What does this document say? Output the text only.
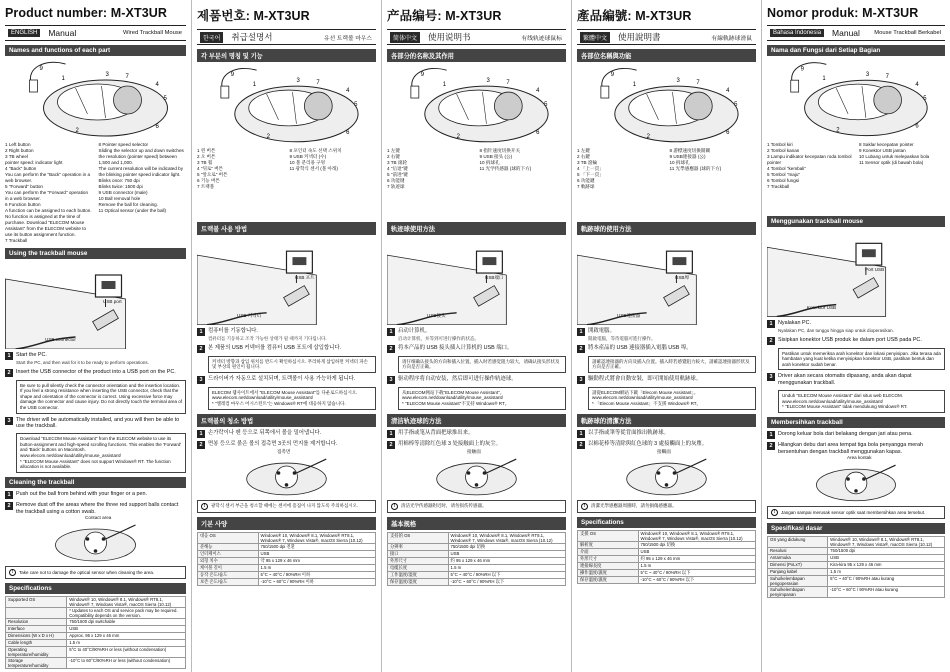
Product number: M-XT3UR
ENGLISH	Manual	Wired Trackball Mouse
Names and functions of each part
9
1
3	7
4
5
6
2
1 Left button
2 Right button
3 TB wheel
pointer speed: indicator light
4 "Back" button
You can perform the "Back" operation in a web browser.
5 "Forward" button
You can perform the "Forward" operation in a web browser.
6 Function button
A function can be assigned to each button. No function is assigned at the time of purchase. Download "ELECOM Mouse Assistant" from the ELECOM website to use its button assignment function.
7 Trackball
8 Pointer speed selector
Sliding the selector up and down switches the resolution (pointer speed) between 1,500 and 1,000.
The current resolution will be indicated by the blinking pointer speed indicator light.
Blinks once: 750 dpi
Blinks twice: 1500 dpi
9 USB connector (male)
10 Ball removal hole
Remove the ball for cleaning.
11 Optical sensor (under the ball)
Using the trackball mouse
USB port
USB connector
1	Start the PC.
Start the PC, and then wait for it to be ready to perform operations.
2	Insert the USB connector of the product into a USB port on the PC.
Be sure to pull silently check the connector orientation and the insertion location. If you feel a strong resistance when inserting the USB connector, check that the shape and orientation of the connector is correct. Using excessive force may damage the connector and cause injury. Do not directly touch the terminal area of the USB connector.
3	The driver will be automatically installed, and you will then be able to use the trackball.
Download "ELECOM Mouse Assistant" from the ELECOM website to use its button-assignment and high-speed scrolling functions. This enables the 'Forward' and 'Back' buttons on Macintosh. www.elecom.net/download/utility/mouse_assistant/
* "ELECOM Mouse Assistant" does not support Windows® RT. The function allocation is not available.
Cleaning the trackball
1	Push out the ball from behind with your finger or a pen.
2	Remove dust off the areas where the three red support balls contact the trackball using a cotton swab.
Contact area
!	Take care not to damage the optical sensor when cleaning the area.
Specifications
Supported OS	Windows® 10, Windows® 8.1, Windows® RT8.1, Windows® 7, Windows Vista®, macOS Sierra (10.12)
	* Updates to each OS and service pack may be required. Compatibility depends on the version.
Resolution	750/1500 dpi switchable
Interface	USB
Dimensions (W x D x H)	Approx. 95 x 129 x 46 mm
Cable length	1.5 m
Operating temperature/humidity	5°C to 40°C/90%RH or less (without condensation)
Storage temperature/humidity	-10°C to 60°C/90%RH or less (without condensation)
제품번호: M-XT3UR
한국어	취급설명서	유선 트랙볼 마우스
각 부분의 명칭 및 기능
9
1
3	7
4
5
6
2
1 왼 버튼
2 오 버튼
3 TB 휠
4 "뒤로" 버튼
5 "앞으로" 버튼
6 기능 버튼
7 트랙볼
8 포인터 속도 선택 스위치
9 USB 커넥터 (수)
10 볼 분리용 구멍
11 광학식 센서 (볼 아래)
트랙볼 사용 방법
USB 포트
USB 커넥터
1	컴퓨터를 기동합니다.
컴퓨터를 기동하고 조작 가능한 상태가 될 때까지 기다립니다.
2	본 제품의 USB 커넥터를 컴퓨터 USB 포트에 삽입합니다.
커넥터 방향과 삽입 위치를 반드시 확인하십시오. 무리하게 삽입하면 커넥터 파손 및 부상의 원인이 됩니다.
3	드라이버가 자동으로 설치되며, 트랙볼이 사용 가능하게 됩니다.
ELECOM 웹사이트에서 "ELECOM Mouse Assistant"를 다운로드하십시오. www.elecom.net/download/utility/mouse_assistant/
* "엘레컴 마우스 어시스턴트"는 Windows® RT에 대응하지 않습니다.
트랙볼의 청소 방법
1	손가락이나 펜 등으로 뒤쪽에서 볼을 밀어냅니다.
2	면봉 등으로 붉은 볼의 접촉면 3곳의 먼지를 제거합니다.
접촉면
!	광학식 센서 부근을 청소할 때에는 센서에 흠집이 나지 않도록 주의하십시오.
기본 사양
대응 OS	Windows® 10, Windows® 8.1, Windows® RT8.1, Windows® 7, Windows Vista®, macOS Sierra (10.12)
분해능	750/1500 dpi 전환
인터페이스	USB
외형 치수	약 95 x 129 x 46 mm
케이블 길이	1.5 m
동작 온도/습도	5°C ~ 40°C / 90%RH 이하
보존 온도/습도	-10°C ~ 60°C / 90%RH 이하
产品编号: M-XT3UR
简体中文	使用说明书	有线轨迹球鼠标
各部分的名称及其作用
9
1
3	7
4
5
6
2
1 左键
2 右键
3 TB 滚轮
4 "后退"键
5 "前进"键
6 功能键
7 轨迹球
8 指针速度切换开关
9 USB 接头 (公)
10 拆球孔
11 光学传感器 (球的下方)
轨迹球使用方法
USB端口
USB接头
1	启动计算机。
启动计算机，并等到可进行操作的状态。
2	将本产品的 USB 接头插入计算机的 USB 端口。
请仔细确认接头的方向和插入位置。插入时若感觉阻力较大，请确认接头形状及方向是否正确。
3	驱动程序将自动安装，然后即可进行操作轨迹球。
从ELECOM网站下载"ELECOM Mouse Assistant"。www.elecom.net/download/utility/mouse_assistant/
* "ELECOM Mouse Assistant"不支持 Windows® RT。
清洁轨迹球的方法
1	用手指或笔从背面把球推出来。
2	用棉棒等清除红色球 3 处接触面上的灰尘。
接触面
!	清洁光学传感器附近时，请勿损伤传感器。
基本规格
支持的 OS	Windows® 10, Windows® 8.1, Windows® RT8.1, Windows® 7, Windows Vista®, macOS Sierra (10.12)
分辨率	750/1500 dpi 切换
接口	USB
外形尺寸	约 95 x 129 x 46 mm
电缆长度	1.5 m
工作温度/湿度	5°C ~ 40°C / 90%RH 以下
保存温度/湿度	-10°C ~ 60°C / 90%RH 以下
產品編號: M-XT3UR
繁體中文	使用說明書	有線軌跡球滑鼠
各部位名稱與功能
9
1
3	7
4
5
6
2
1 左鍵
2 右鍵
3 TB 滾輪
4 「上一頁」
5 「下一頁」
6 功能鍵
7 軌跡球
8 游標速度切換開關
9 USB連接器 (公)
10 拆球孔
11 光學感應器 (球的下方)
軌跡球的使用方法
USB埠
USB連接器
1	開啟電腦。
開啟電腦，等待電腦可進行操作。
2	將本產品的 USB 連接器插入電腦 USB 埠。
請確認連接器的方向及插入位置。插入時若感覺阻力較大，請確認連接器形狀及方向是否正確。
3	驅動程式將會自動安裝，即可開始使用軌跡球。
請從ELECOM網站下載「Elecom Mouse Assistant」。www.elecom.net/download/utility/mouse_assistant/
* 「Elecom Mouse Assistant」不支援 Windows® RT。
軌跡球的清潔方法
1	以手指或筆等從背面推出軌跡球。
2	以棉花棒等清除與紅色球的 3 處接觸面上的灰塵。
接觸面
!	清潔光學感應器周圍時，請勿損傷感應器。
Specifications
支援 OS	Windows® 10, Windows® 8.1, Windows® RT8.1, Windows® 7, Windows Vista®, macOS Sierra (10.12)
解析度	750/1500 dpi 切換
介面	USB
外形尺寸	約 95 x 129 x 46 mm
連接線長度	1.5 m
操作溫度/濕度	5°C ~ 40°C / 90%RH 以下
保存溫度/濕度	-10°C ~ 60°C / 90%RH 以下
Nomor produk: M-XT3UR
Bahasa Indonesia	Manual Mouse Trackball Berkabel
Nama dan Fungsi dari Setiap Bagian
9
1
3	7
4
5
6
2
1 Tombol kiri
2 Tombol kanan
3 Lampu indikator kecepatan roda tombol pointer
4 Tombol "kembali"
5 Tombol "maju"
6 Tombol fungsi
7 Trackball
8 Saklar kecepatan pointer
9 Konektor USB jantan
10 Lubang untuk melepaskan bola
11 Sensor optik (di bawah bola)
Menggunakan trackball mouse
Port USB
Konektor USB
1	Nyalakan PC.
Nyalakan PC, dan tunggu hingga siap untuk dioperasikan.
2	Sisipkan konektor USB produk ke dalam port USB pada PC.
Pastikan untuk memeriksa arah konektor dan lokasi penyisipan. Jika terasa ada hambatan yang kuat ketika menyisipkan konektor USB, pastikan bentuk dan arah konektor sudah benar.
3	Driver akan secara otomatis dipasang, anda akan dapat menggunakan trackball.
Unduh "ELECOM Mouse Assistant" dari situs web ELECOM. www.elecom.net/download/utility/mouse_assistant/
* "ELECOM Mouse Assistant" tidak mendukung Windows® RT.
Membersihkan trackball
1	Dorong keluar bola dari belakang dengan jari atau pena.
2	Hilangkan debu dari area tempat tiga bola penyangga merah bersentuhan dengan trackball menggunakan kapas.
Area kontak
!	Jangan sampai merusak sensor optik saat membersihkan area tersebut.
Spesifikasi dasar
OS yang didukung	Windows® 10, Windows® 8.1, Windows® RT8.1, Windows® 7, Windows Vista®, macOS Sierra (10.12)
Resolusi	750/1500 dpi
Antarmuka	USB
Dimensi (PxLxT)	Kira-kira 95 x 129 x 46 mm
Panjang kabel	1,5 m
Suhu/kelembapan pengoperasian	5°C ~ 40°C / 90%RH atau kurang
Suhu/kelembapan penyimpanan	-10°C ~ 60°C / 90%RH atau kurang
